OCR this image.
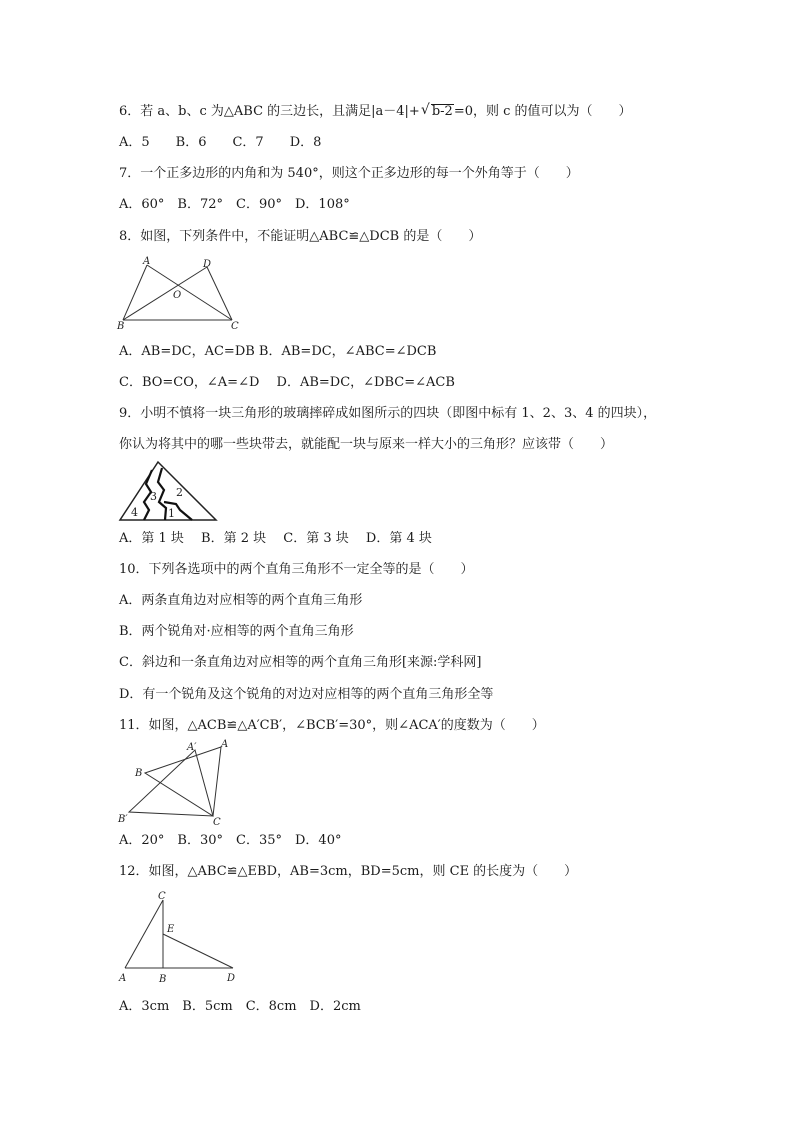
6．若 a、b、c 为△ABC 的三边长，且满足|a－4|+ √ b-2=0，则 c 的值可以为（　　）
A．5　　B．6　　C．7　　D．8
7．一个正多边形的内角和为 540°，则这个正多边形的每一个外角等于（　　）
A．60°　B．72°　C．90°　D．108°
8．如图，下列条件中，不能证明△ABC≌△DCB 的是（　　）
A	D
O
B	C
A．AB=DC，AC=DB B．AB=DC，∠ABC=∠DCB
C．BO=CO，∠A=∠D　 D．AB=DC，∠DBC=∠ACB
9．小明不慎将一块三角形的玻璃摔碎成如图所示的四块（即图中标有 1、2、3、4 的四块），
你认为将其中的哪一些块带去，就能配一块与原来一样大小的三角形？应该带（　　）
4
3 2
1
A．第 1 块　 B．第 2 块　 C．第 3 块　 D．第 4 块
10．下列各选项中的两个直角三角形不一定全等的是（　　）
A．两条直角边对应相等的两个直角三角形
B．两个锐角对·应相等的两个直角三角形
C．斜边和一条直角边对应相等的两个直角三角形[来源:学科网]
D．有一个锐角及这个锐角的对边对应相等的两个直角三角形全等
11．如图，△ACB≌△A′CB′，∠BCB′=30°，则∠ACA′的度数为（　　）
A
A′
B
B′	C
A．20°　B．30°　C．35°　D．40°
12．如图，△ABC≌△EBD，AB=3cm，BD=5cm，则 CE 的长度为（　　）
C
E
A	B	D
A．3cm　B．5cm　C．8cm　D．2cm
